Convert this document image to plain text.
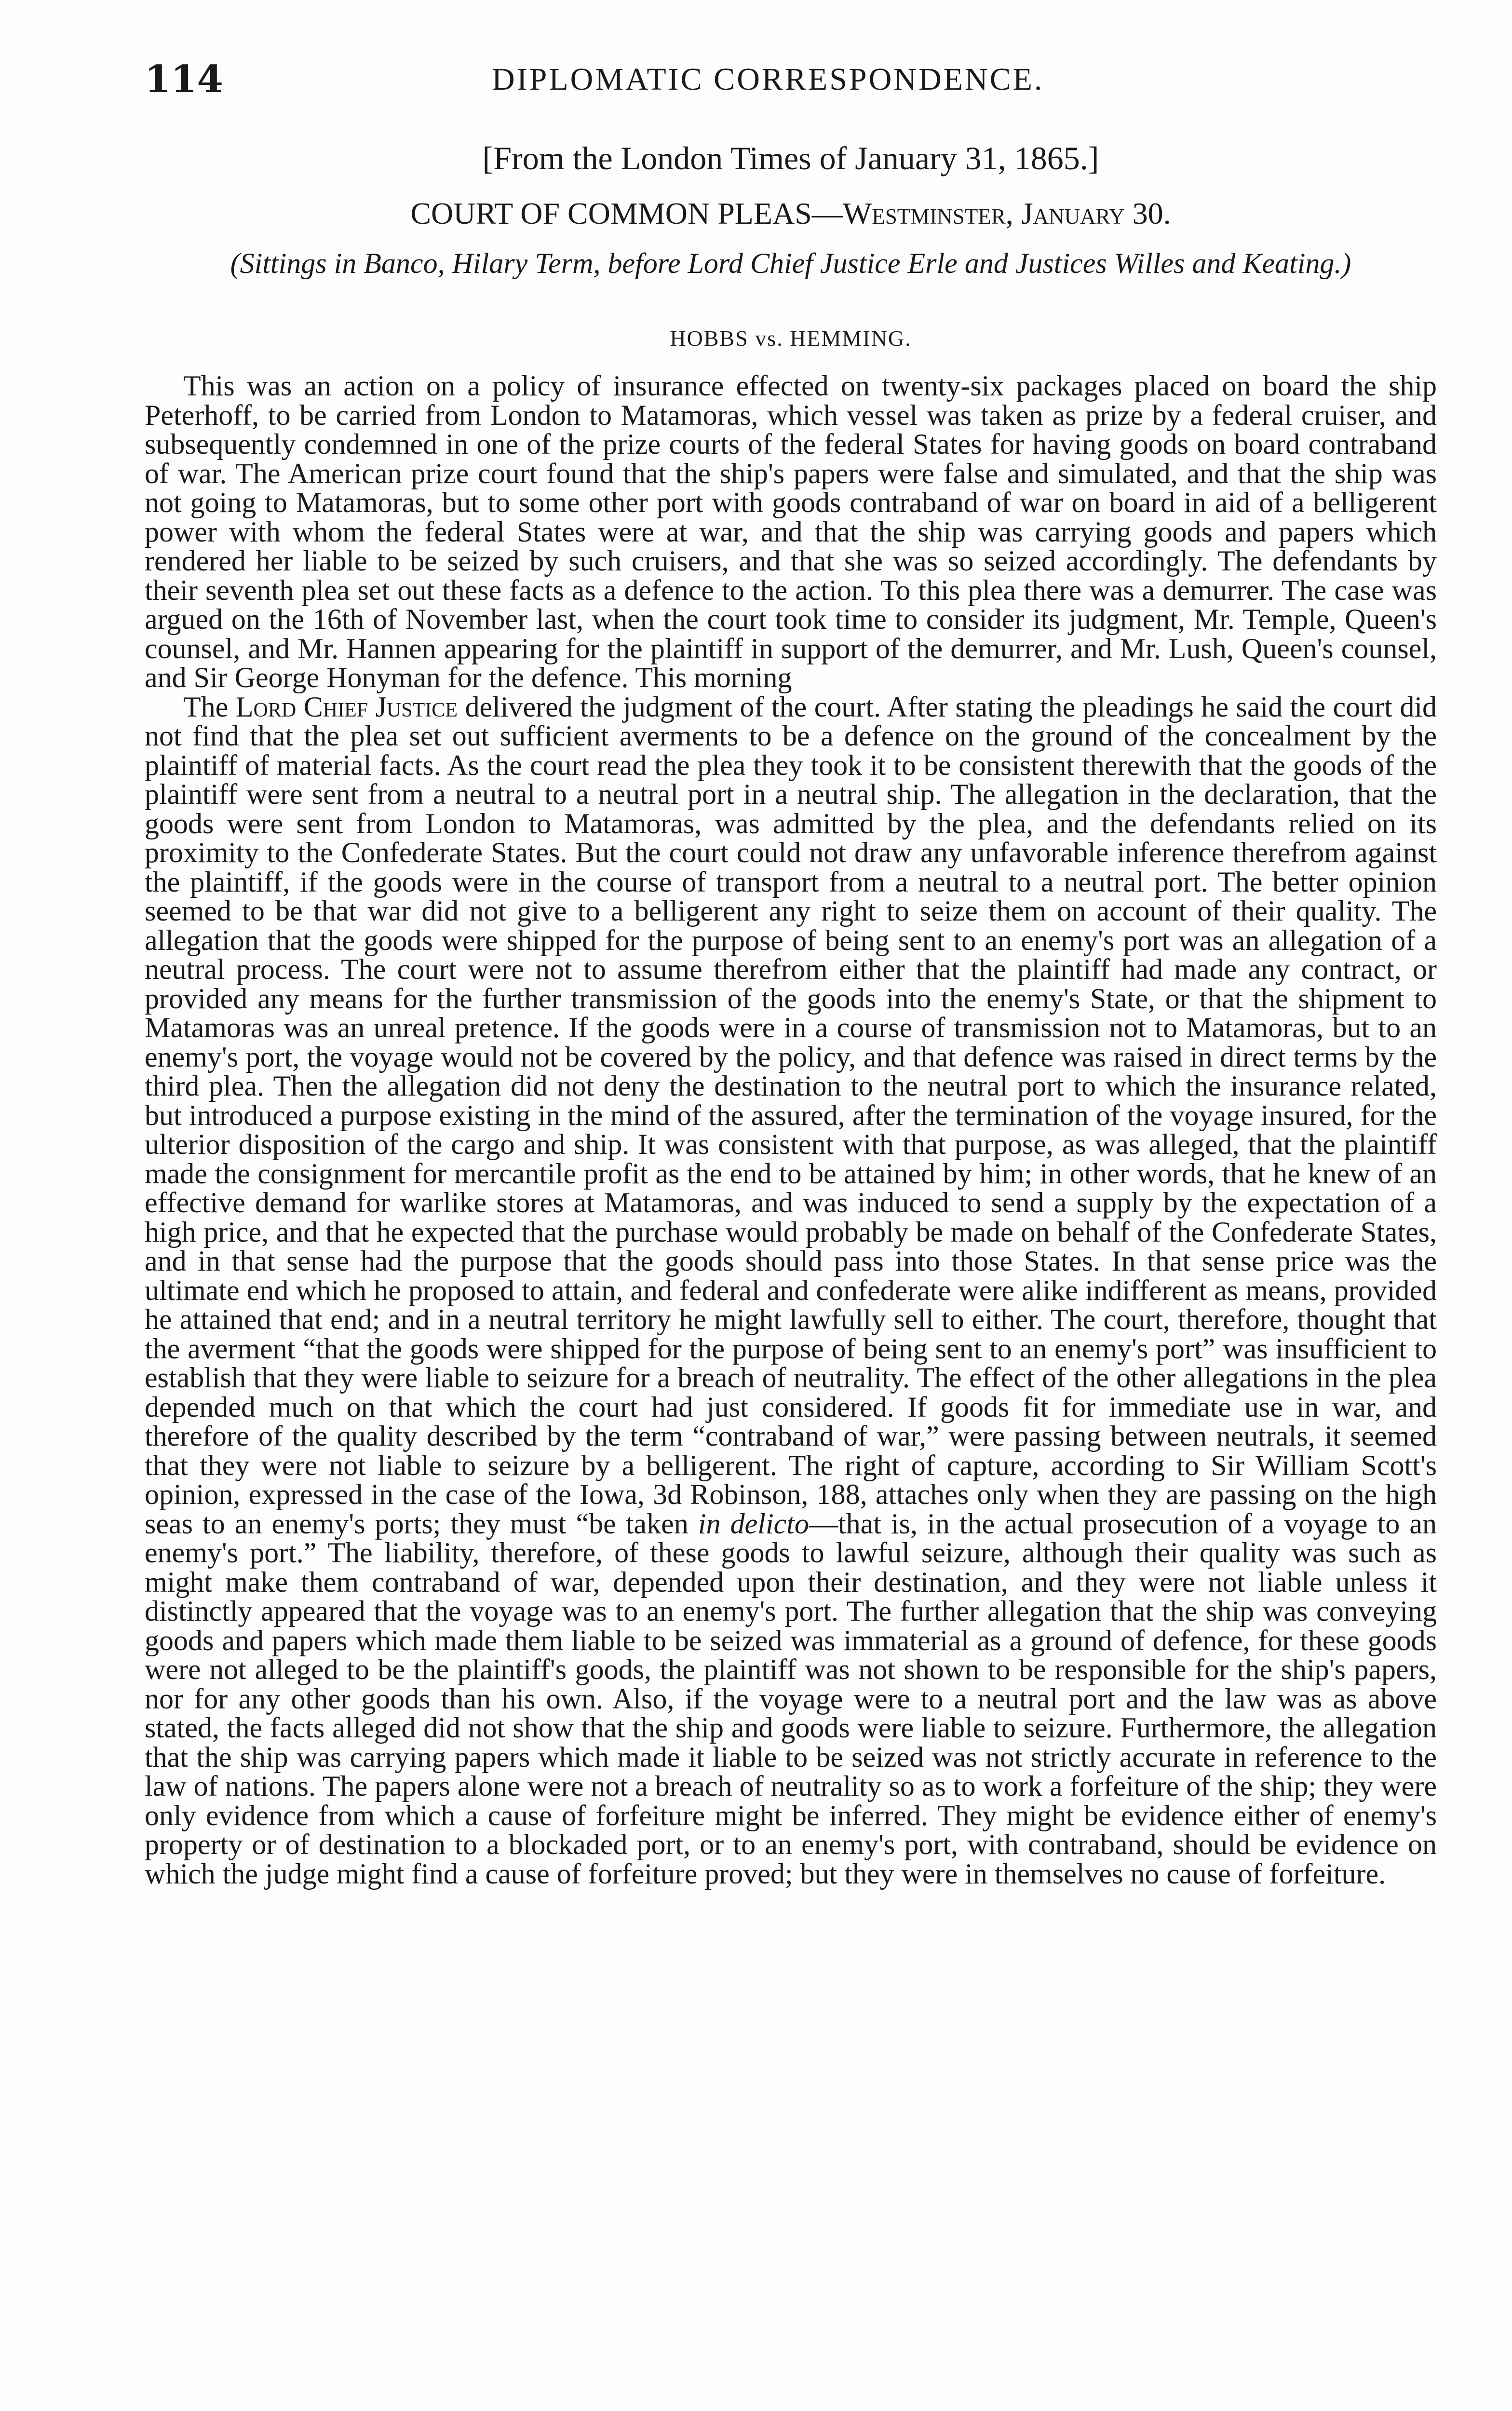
114	DIPLOMATIC CORRESPONDENCE.
[From the London Times of January 31, 1865.]
COURT OF COMMON PLEAS—Westminster, January 30.
(Sittings in Banco, Hilary Term, before Lord Chief Justice Erle and Justices Willes and Keating.)
HOBBS vs. HEMMING.

This was an action on a policy of insurance effected on twenty-six packages placed on board the ship Peterhoff, to be carried from London to Matamoras, which vessel was taken as prize by a federal cruiser, and subsequently condemned in one of the prize courts of the federal States for having goods on board contraband of war. The American prize court found that the ship's papers were false and simulated, and that the ship was not going to Matamoras, but to some other port with goods contraband of war on board in aid of a belligerent power with whom the federal States were at war, and that the ship was carrying goods and papers which rendered her liable to be seized by such cruisers, and that she was so seized accordingly. The defendants by their seventh plea set out these facts as a defence to the action. To this plea there was a demurrer. The case was argued on the 16th of November last, when the court took time to consider its judgment, Mr. Temple, Queen's counsel, and Mr. Hannen appearing for the plaintiff in support of the demurrer, and Mr. Lush, Queen's counsel, and Sir George Honyman for the defence. This morning

The Lord Chief Justice delivered the judgment of the court. After stating the pleadings he said the court did not find that the plea set out sufficient averments to be a defence on the ground of the concealment by the plaintiff of material facts. As the court read the plea they took it to be consistent therewith that the goods of the plaintiff were sent from a neutral to a neutral port in a neutral ship. The allegation in the declaration, that the goods were sent from London to Matamoras, was admitted by the plea, and the defendants relied on its proximity to the Confederate States. But the court could not draw any unfavorable inference therefrom against the plaintiff, if the goods were in the course of transport from a neutral to a neutral port. The better opinion seemed to be that war did not give to a belligerent any right to seize them on account of their quality. The allegation that the goods were shipped for the purpose of being sent to an enemy's port was an allegation of a neutral process. The court were not to assume therefrom either that the plaintiff had made any contract, or provided any means for the further transmission of the goods into the enemy's State, or that the shipment to Matamoras was an unreal pretence. If the goods were in a course of transmission not to Matamoras, but to an enemy's port, the voyage would not be covered by the policy, and that defence was raised in direct terms by the third plea. Then the allegation did not deny the destination to the neutral port to which the insurance related, but introduced a purpose existing in the mind of the assured, after the termination of the voyage insured, for the ulterior disposition of the cargo and ship. It was consistent with that purpose, as was alleged, that the plaintiff made the consignment for mercantile profit as the end to be attained by him; in other words, that he knew of an effective demand for warlike stores at Matamoras, and was induced to send a supply by the expectation of a high price, and that he expected that the purchase would probably be made on behalf of the Confederate States, and in that sense had the purpose that the goods should pass into those States. In that sense price was the ultimate end which he proposed to attain, and federal and confederate were alike indifferent as means, provided he attained that end; and in a neutral territory he might lawfully sell to either. The court, therefore, thought that the averment “that the goods were shipped for the purpose of being sent to an enemy's port” was insufficient to establish that they were liable to seizure for a breach of neutrality. The effect of the other allegations in the plea depended much on that which the court had just considered. If goods fit for immediate use in war, and therefore of the quality described by the term “contraband of war,” were passing between neutrals, it seemed that they were not liable to seizure by a belligerent. The right of capture, according to Sir William Scott's opinion, expressed in the case of the Iowa, 3d Robinson, 188, attaches only when they are passing on the high seas to an enemy's ports; they must “be taken in delicto—that is, in the actual prosecution of a voyage to an enemy's port.” The liability, therefore, of these goods to lawful seizure, although their quality was such as might make them contraband of war, depended upon their destination, and they were not liable unless it distinctly appeared that the voyage was to an enemy's port. The further allegation that the ship was conveying goods and papers which made them liable to be seized was immaterial as a ground of defence, for these goods were not alleged to be the plaintiff's goods, the plaintiff was not shown to be responsible for the ship's papers, nor for any other goods than his own. Also, if the voyage were to a neutral port and the law was as above stated, the facts alleged did not show that the ship and goods were liable to seizure. Furthermore, the allegation that the ship was carrying papers which made it liable to be seized was not strictly accurate in reference to the law of nations. The papers alone were not a breach of neutrality so as to work a forfeiture of the ship; they were only evidence from which a cause of forfeiture might be inferred. They might be evidence either of enemy's property or of destination to a blockaded port, or to an enemy's port, with contraband, should be evidence on which the judge might find a cause of forfeiture proved; but they were in themselves no cause of forfeiture.
